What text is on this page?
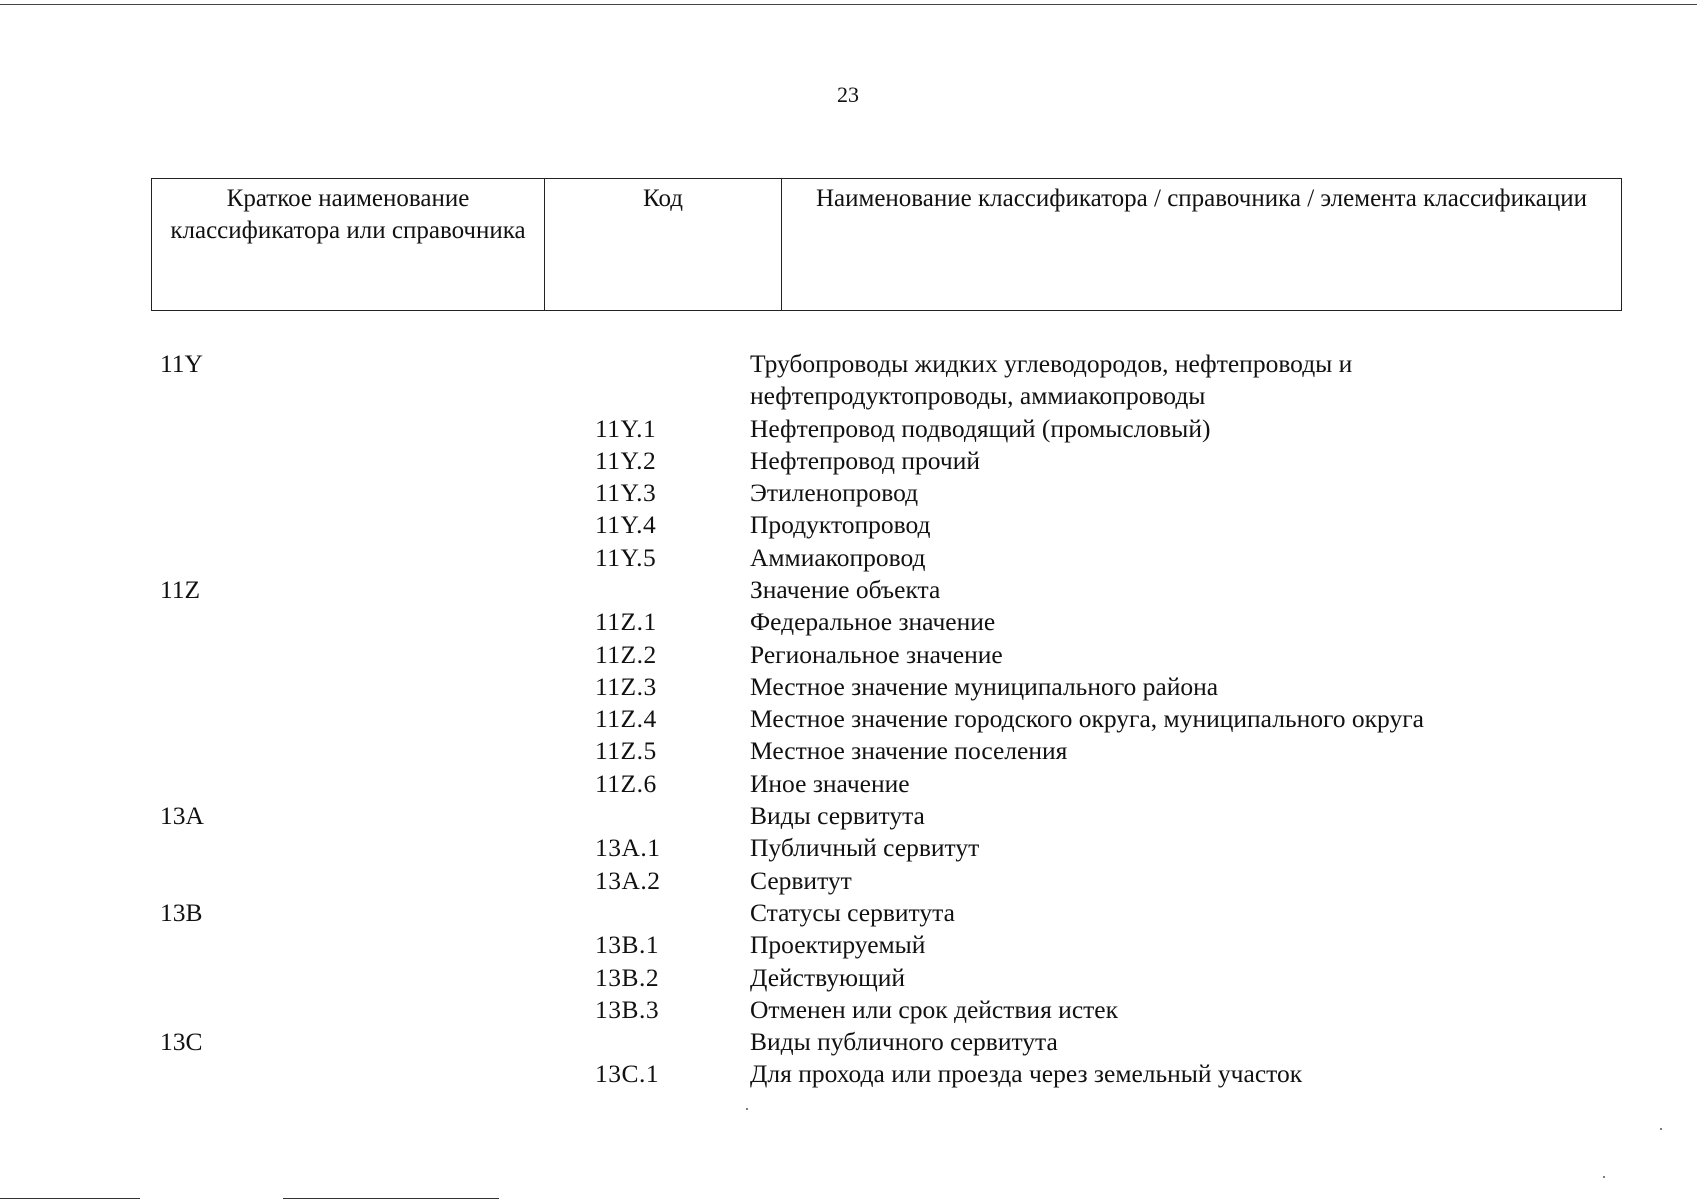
23
Краткое наименование классификатора или справочника	Код	Наименование классификатора / справочника / элемента классификации
11Y	Трубопроводы жидких углеводородов, нефтепроводы и нефтепродуктопроводы, аммиакопроводы
11Y.1	Нефтепровод подводящий (промысловый)
11Y.2	Нефтепровод прочий
11Y.3	Этиленопровод
11Y.4	Продуктопровод
11Y.5	Аммиакопровод
11Z	Значение объекта
11Z.1	Федеральное значение
11Z.2	Региональное значение
11Z.3	Местное значение муниципального района
11Z.4	Местное значение городского округа, муниципального округа
11Z.5	Местное значение поселения
11Z.6	Иное значение
13A	Виды сервитута
13A.1	Публичный сервитут
13A.2	Сервитут
13B	Статусы сервитута
13B.1	Проектируемый
13B.2	Действующий
13B.3	Отменен или срок действия истек
13C	Виды публичного сервитута
13C.1	Для прохода или проезда через земельный участок
